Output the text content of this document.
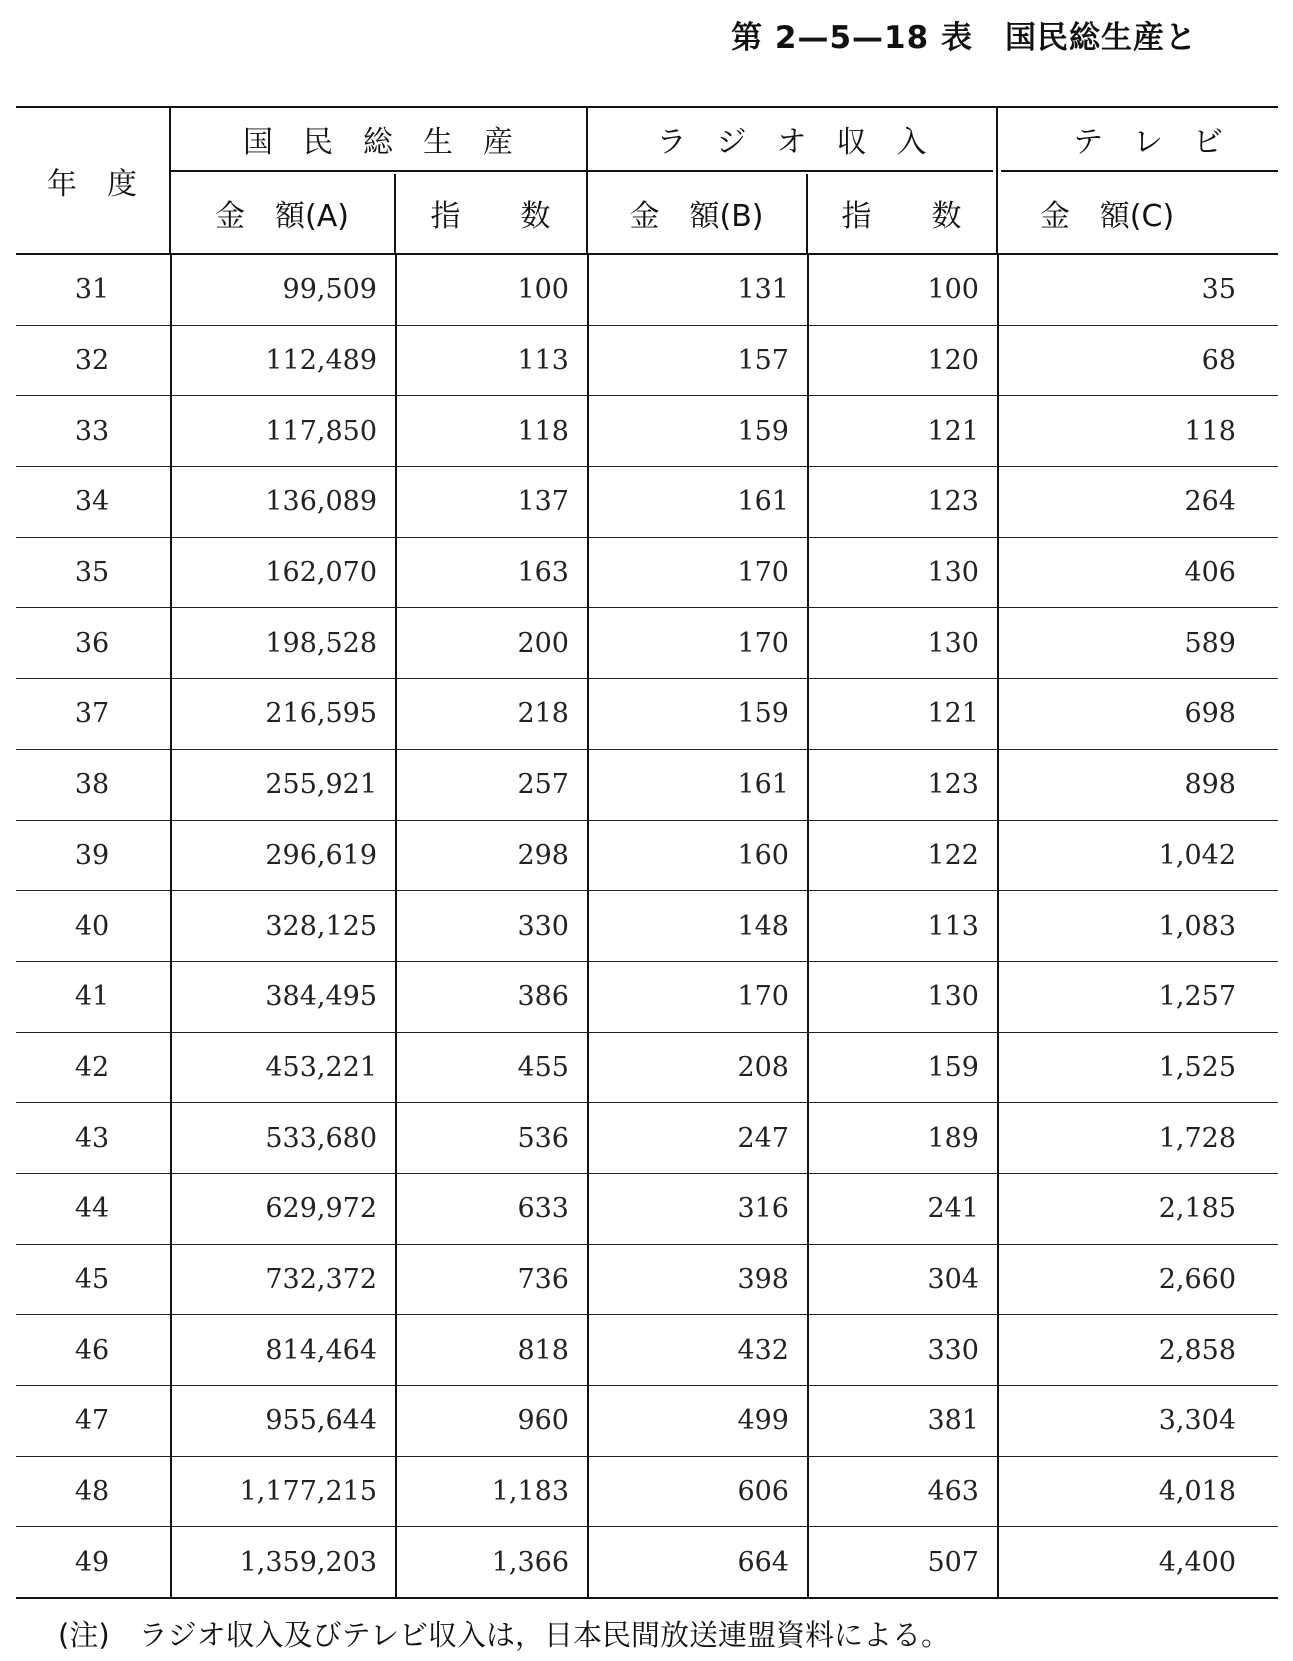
第 2—5—18 表　国民総生産と
年　度
国　民　総　生　産	ラ　ジ　オ　収　入	テ　レ　ビ
金　額(A)	指　　数	金　額(B)	指　　数	金　額(C)
31	99,509	100	131	100	35
32	112,489	113	157	120	68
33	117,850	118	159	121	118
34	136,089	137	161	123	264
35	162,070	163	170	130	406
36	198,528	200	170	130	589
37	216,595	218	159	121	698
38	255,921	257	161	123	898
39	296,619	298	160	122	1,042
40	328,125	330	148	113	1,083
41	384,495	386	170	130	1,257
42	453,221	455	208	159	1,525
43	533,680	536	247	189	1,728
44	629,972	633	316	241	2,185
45	732,372	736	398	304	2,660
46	814,464	818	432	330	2,858
47	955,644	960	499	381	3,304
48	1,177,215	1,183	606	463	4,018
49	1,359,203	1,366	664	507	4,400
(注)　ラジオ収入及びテレビ収入は，日本民間放送連盟資料による。
